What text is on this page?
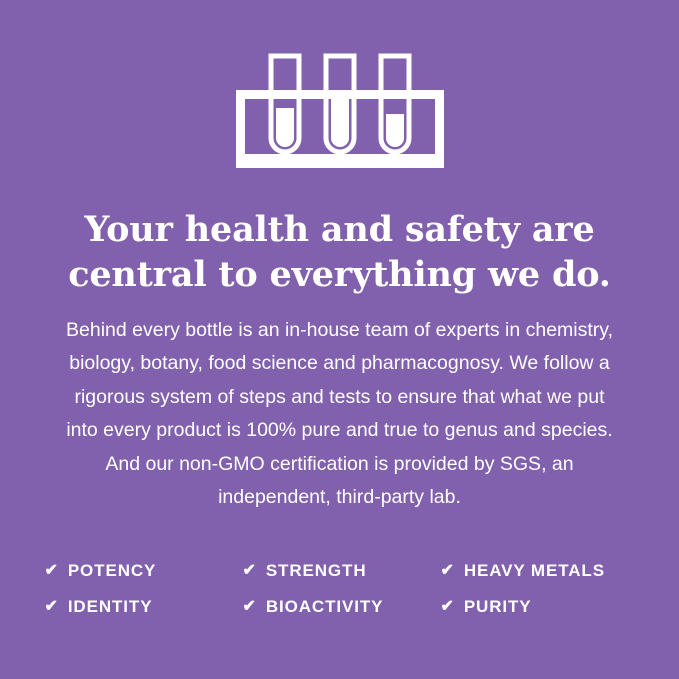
Your health and safety are central to everything we do.

Behind every bottle is an in-house team of experts in chemistry, biology, botany, food science and pharmacognosy. We follow a rigorous system of steps and tests to ensure that what we put into every product is 100% pure and true to genus and species. And our non-GMO certification is provided by SGS, an independent, third-party lab.

✔ POTENCY	✔ STRENGTH	✔ HEAVY METALS
✔ IDENTITY	✔ BIOACTIVITY	✔ PURITY
